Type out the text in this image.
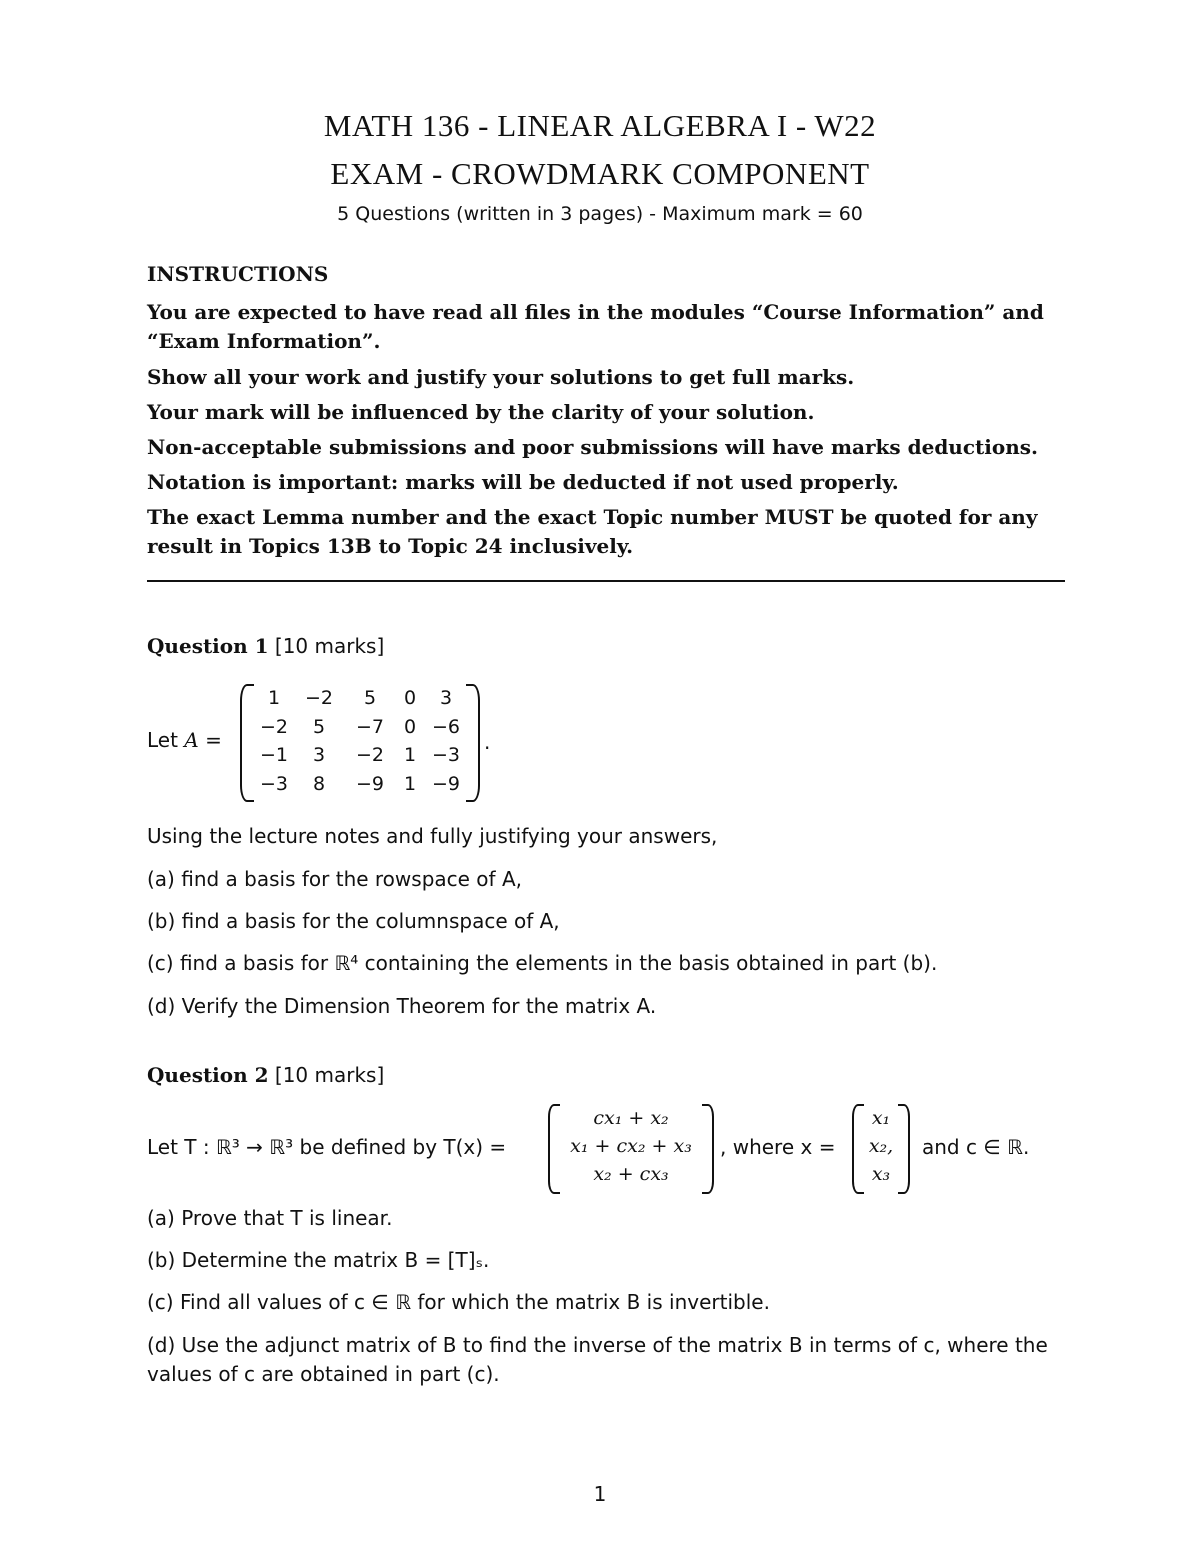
MATH 136 - LINEAR ALGEBRA I - W22
EXAM - CROWDMARK COMPONENT
5 Questions (written in 3 pages) - Maximum mark = 60
INSTRUCTIONS
You are expected to have read all files in the modules “Course Information” and “Exam Information”.
Show all your work and justify your solutions to get full marks.
Your mark will be influenced by the clarity of your solution.
Non-acceptable submissions and poor submissions will have marks deductions.
Notation is important: marks will be deducted if not used properly.
The exact Lemma number and the exact Topic number MUST be quoted for any result in Topics 13B to Topic 24 inclusively.
Question 1 [10 marks]
Let A =
1	−2	5	0	3
−2	5	−7	0	−6
−1	3	−2	1	−3
−3	8	−9	1	−9
.
Using the lecture notes and fully justifying your answers,
(a) find a basis for the rowspace of A,
(b) find a basis for the columnspace of A,
(c) find a basis for ℝ⁴ containing the elements in the basis obtained in part (b).
(d) Verify the Dimension Theorem for the matrix A.
Question 2 [10 marks]
Let T : ℝ³ → ℝ³ be defined by T(x) =
cx₁ + x₂
x₁ + cx₂ + x₃
x₂ + cx₃
, where x =
x₁
x₂,
x₃
and c ∈ ℝ.
(a) Prove that T is linear.
(b) Determine the matrix B = [T]ₛ.
(c) Find all values of c ∈ ℝ for which the matrix B is invertible.
(d) Use the adjunct matrix of B to find the inverse of the matrix B in terms of c, where the values of c are obtained in part (c).
1
